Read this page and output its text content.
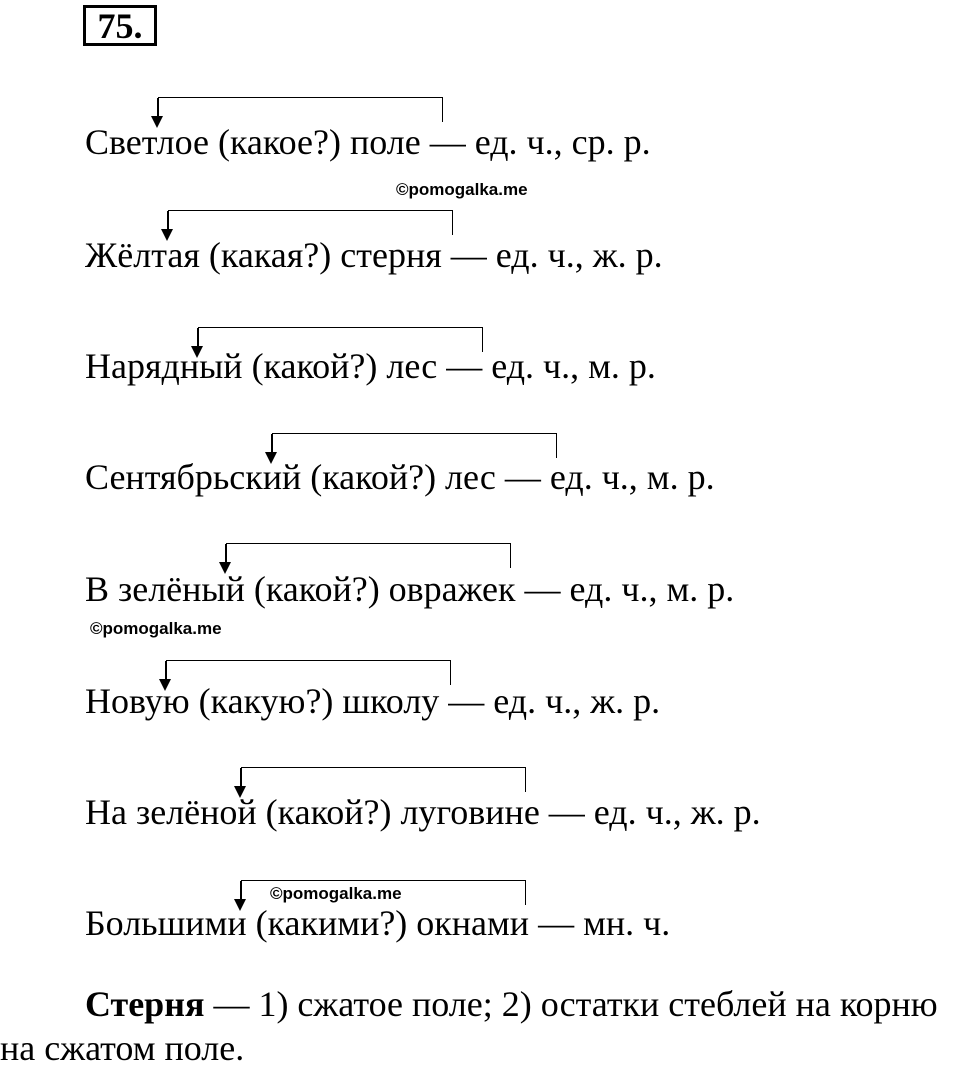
75.
Светлое (какое?) поле — ед. ч., ср. р.
Жёлтая (какая?) стерня — ед. ч., ж. р.
Нарядный (какой?) лес — ед. ч., м. р.
Сентябрьский (какой?) лес — ед. ч., м. р.
В зелёный (какой?) овражек — ед. ч., м. р.
Новую (какую?) школу — ед. ч., ж. р.
На зелёной (какой?) луговине — ед. ч., ж. р.
Большими (какими?) окнами — мн. ч.
©pomogalka.me
©pomogalka.me
©pomogalka.me
Стерня — 1) сжатое поле; 2) остатки стеблей на корню на сжатом поле.
